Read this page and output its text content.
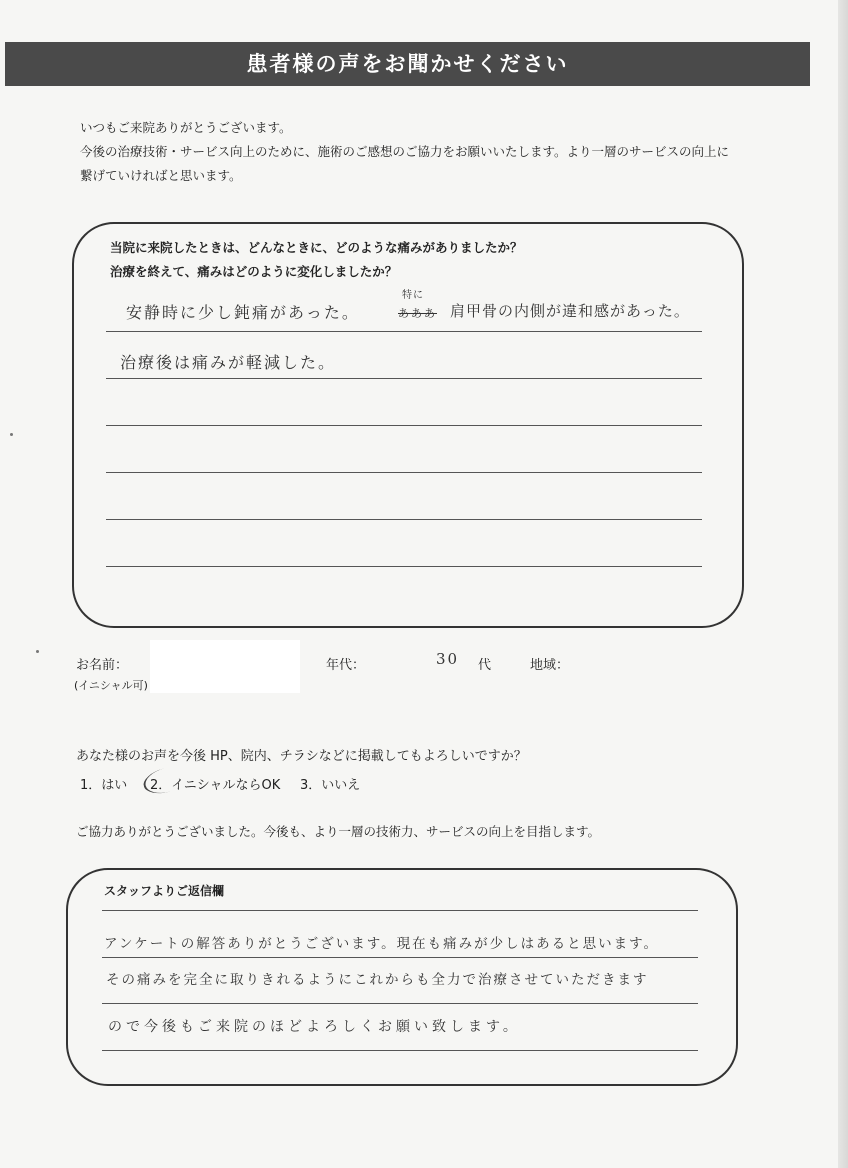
患者様の声をお聞かせください
いつもご来院ありがとうございます。
今後の治療技術・サービス向上のために、施術のご感想のご協力をお願いいたします。より一層のサービスの向上に
繋げていければと思います。
当院に来院したときは、どんなときに、どのような痛みがありましたか？
治療を終えて、痛みはどのように変化しましたか？
安静時に少し鈍痛があった。	あああ
特に
肩甲骨の内側が違和感があった。
治療後は痛みが軽減した。
お名前：
(イニシャル可)
年代：	30 代	地域：
あなた様のお声を今後 HP、院内、チラシなどに掲載してもよろしいですか？
1．はい 2．イニシャルならOK 3．いいえ
ご協力ありがとうございました。今後も、より一層の技術力、サービスの向上を目指します。
スタッフよりご返信欄
アンケートの解答ありがとうございます。現在も痛みが少しはあると思います。
その痛みを完全に取りきれるようにこれからも全力で治療させていただきます
ので今後もご来院のほどよろしくお願い致します。
